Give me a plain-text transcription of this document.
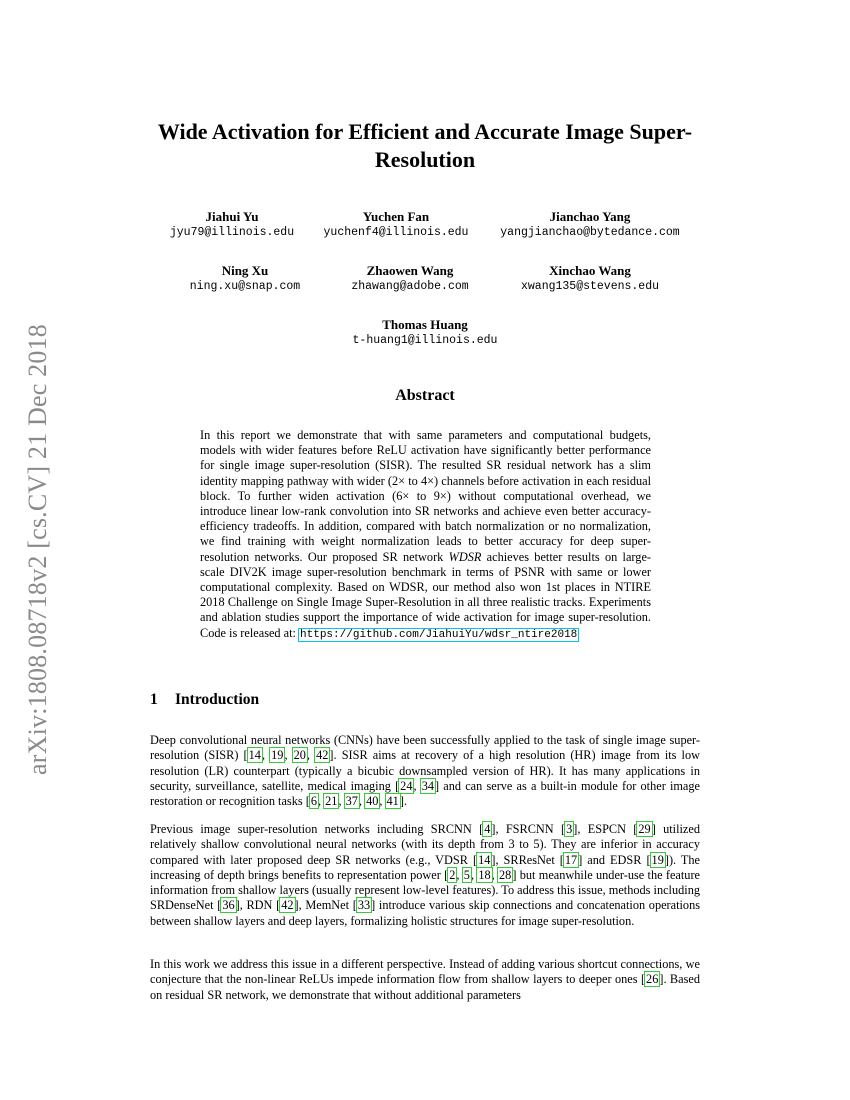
arXiv:1808.08718v2 [cs.CV] 21 Dec 2018
Wide Activation for Efficient and Accurate Image Super-Resolution
Jiahui Yu
jyu79@illinois.edu
Yuchen Fan
yuchenf4@illinois.edu
Jianchao Yang
yangjianchao@bytedance.com
Ning Xu
ning.xu@snap.com
Zhaowen Wang
zhawang@adobe.com
Xinchao Wang
xwang135@stevens.edu
Thomas Huang
t-huang1@illinois.edu
Abstract
In this report we demonstrate that with same parameters and computational budgets, models with wider features before ReLU activation have significantly better performance for single image super-resolution (SISR). The resulted SR residual network has a slim identity mapping pathway with wider (2× to 4×) channels before activation in each residual block. To further widen activation (6× to 9×) without computational overhead, we introduce linear low-rank convolution into SR networks and achieve even better accuracy-efficiency tradeoffs. In addition, compared with batch normalization or no normalization, we find training with weight normalization leads to better accuracy for deep super-resolution networks. Our proposed SR network WDSR achieves better results on large-scale DIV2K image super-resolution benchmark in terms of PSNR with same or lower computational complexity. Based on WDSR, our method also won 1st places in NTIRE 2018 Challenge on Single Image Super-Resolution in all three realistic tracks. Experiments and ablation studies support the importance of wide activation for image super-resolution. Code is released at: https://github.com/JiahuiYu/wdsr_ntire2018
1 Introduction
Deep convolutional neural networks (CNNs) have been successfully applied to the task of single image super-resolution (SISR) [14, 19, 20, 42]. SISR aims at recovery of a high resolution (HR) image from its low resolution (LR) counterpart (typically a bicubic downsampled version of HR). It has many applications in security, surveillance, satellite, medical imaging [24, 34] and can serve as a built-in module for other image restoration or recognition tasks [6, 21, 37, 40, 41].
Previous image super-resolution networks including SRCNN [4], FSRCNN [3], ESPCN [29] utilized relatively shallow convolutional neural networks (with its depth from 3 to 5). They are inferior in accuracy compared with later proposed deep SR networks (e.g., VDSR [14], SRResNet [17] and EDSR [19]). The increasing of depth brings benefits to representation power [2, 5, 18, 28] but meanwhile under-use the feature information from shallow layers (usually represent low-level features). To address this issue, methods including SRDenseNet [36], RDN [42], MemNet [33] introduce various skip connections and concatenation operations between shallow layers and deep layers, formalizing holistic structures for image super-resolution.
In this work we address this issue in a different perspective. Instead of adding various shortcut connections, we conjecture that the non-linear ReLUs impede information flow from shallow layers to deeper ones [26]. Based on residual SR network, we demonstrate that without additional parameters
